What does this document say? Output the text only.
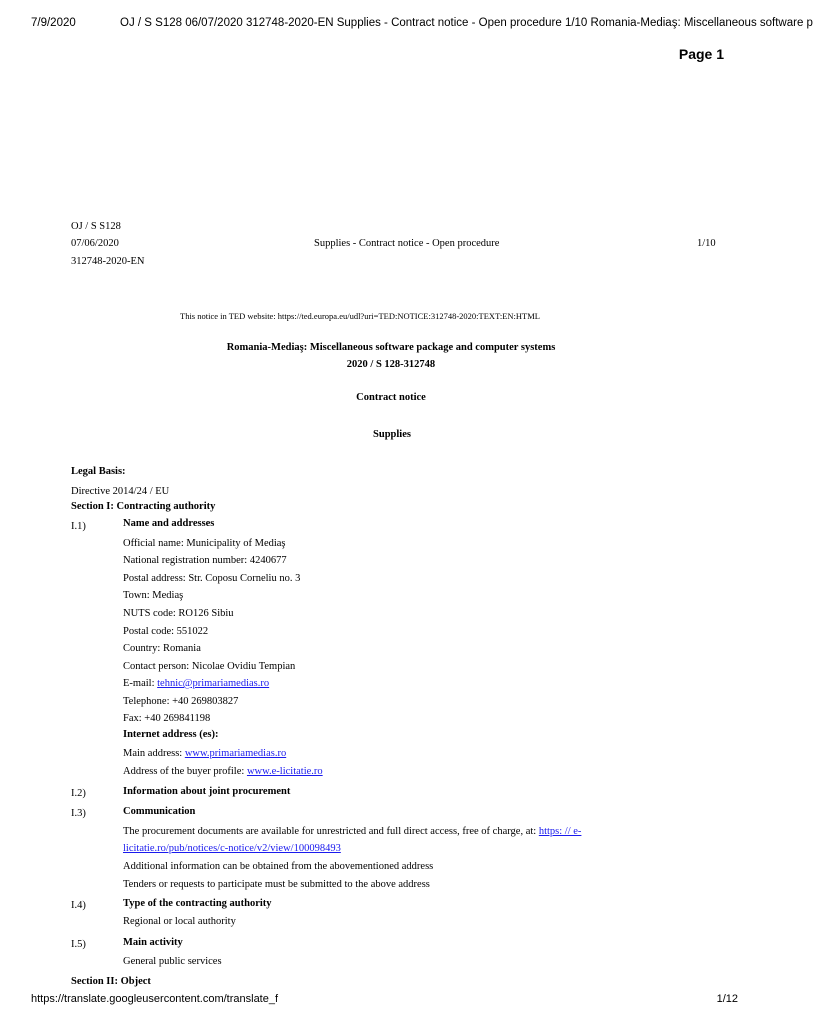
7/9/2020	OJ / S S128 06/07/2020 312748-2020-EN Supplies - Contract notice - Open procedure 1/10 Romania-Mediaş: Miscellaneous software p
Page 1
OJ / S S128
07/06/2020
312748-2020-EN
Supplies - Contract notice - Open procedure	1/10
This notice in TED website: https://ted.europa.eu/udl?uri=TED:NOTICE:312748-2020:TEXT:EN:HTML
Romania-Mediaş: Miscellaneous software package and computer systems
2020 / S 128-312748
Contract notice
Supplies
Legal Basis:
Directive 2014/24 / EU
Section I: Contracting authority
I.1)	Name and addresses
Official name: Municipality of Mediaş
National registration number: 4240677
Postal address: Str. Coposu Corneliu no. 3
Town: Mediaş
NUTS code: RO126 Sibiu
Postal code: 551022
Country: Romania
Contact person: Nicolae Ovidiu Tempian
E-mail: tehnic@primariamedias.ro
Telephone: +40 269803827
Fax: +40 269841198
Internet address (es):
Main address: www.primariamedias.ro
Address of the buyer profile: www.e-licitatie.ro
I.2)	Information about joint procurement
I.3)	Communication
The procurement documents are available for unrestricted and full direct access, free of charge, at: https: // e-
licitatie.ro/pub/notices/c-notice/v2/view/100098493
Additional information can be obtained from the abovementioned address
Tenders or requests to participate must be submitted to the above address
I.4)	Type of the contracting authority
Regional or local authority
I.5)	Main activity
General public services
Section II: Object
https://translate.googleusercontent.com/translate_f	1/12
